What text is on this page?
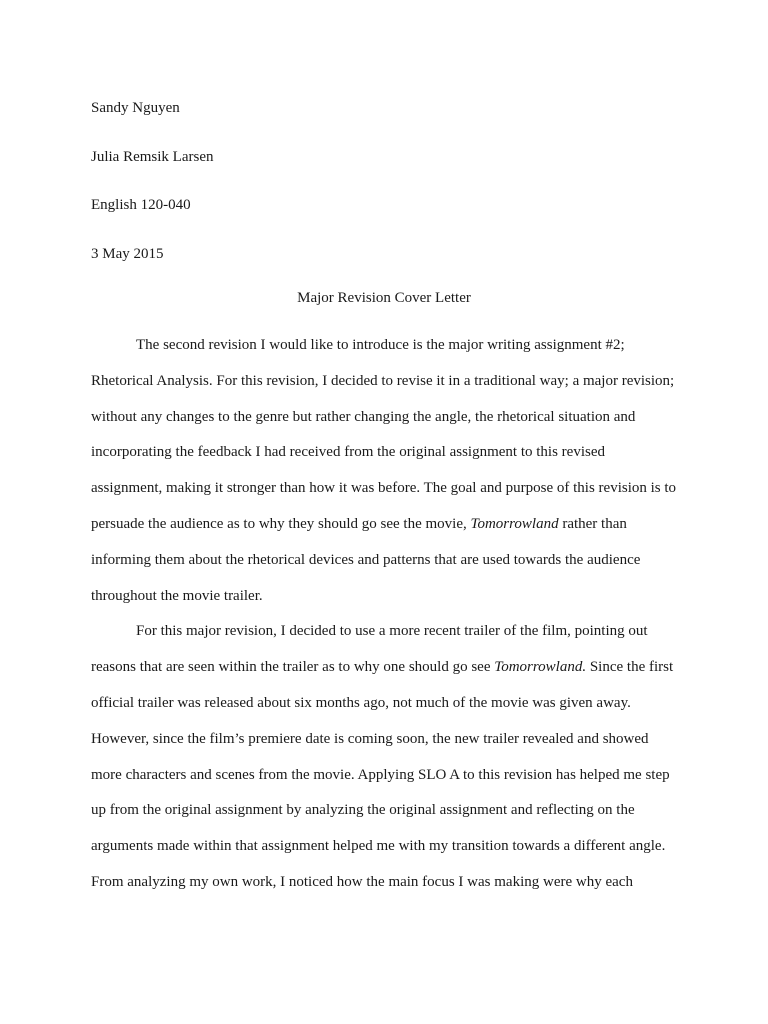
Sandy Nguyen

Julia Remsik Larsen

English 120-040

3 May 2015

Major Revision Cover Letter

The second revision I would like to introduce is the major writing assignment #2;
Rhetorical Analysis. For this revision, I decided to revise it in a traditional way; a major revision;
without any changes to the genre but rather changing the angle, the rhetorical situation and
incorporating the feedback I had received from the original assignment to this revised
assignment, making it stronger than how it was before. The goal and purpose of this revision is to
persuade the audience as to why they should go see the movie, Tomorrowland rather than
informing them about the rhetorical devices and patterns that are used towards the audience
throughout the movie trailer.
For this major revision, I decided to use a more recent trailer of the film, pointing out
reasons that are seen within the trailer as to why one should go see Tomorrowland. Since the first
official trailer was released about six months ago, not much of the movie was given away.
However, since the film’s premiere date is coming soon, the new trailer revealed and showed
more characters and scenes from the movie. Applying SLO A to this revision has helped me step
up from the original assignment by analyzing the original assignment and reflecting on the
arguments made within that assignment helped me with my transition towards a different angle.
From analyzing my own work, I noticed how the main focus I was making were why each
